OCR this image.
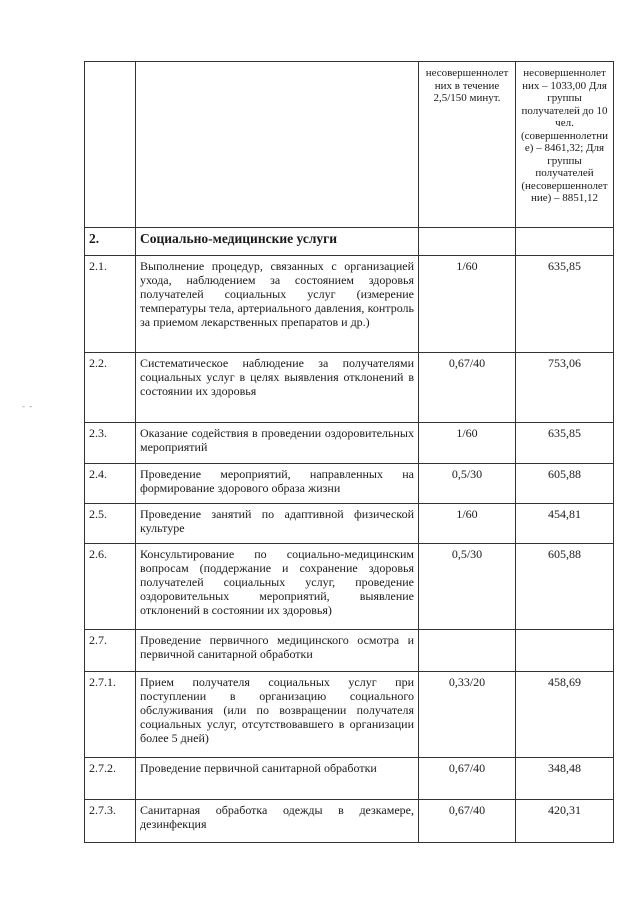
- -
		несовершеннолет них в течение 2,5/150 минут.	несовершеннолет них – 1033,00 Для группы получателей до 10 чел. (совершеннолетни е) – 8461,32; Для группы получателей (несовершеннолет ние) – 8851,12
2.	Социально-медицинские услуги		
2.1.	Выполнение процедур, связанных с организацией ухода, наблюдением за состоянием здоровья получателей социальных услуг (измерение температуры тела, артериального давления, контроль за приемом лекарственных препаратов и др.)	1/60	635,85
2.2.	Систематическое наблюдение за получателями социальных услуг в целях выявления отклонений в состоянии их здоровья	0,67/40	753,06
2.3.	Оказание содействия в проведении оздоровительных мероприятий	1/60	635,85
2.4.	Проведение мероприятий, направленных на формирование здорового образа жизни	0,5/30	605,88
2.5.	Проведение занятий по адаптивной физической культуре	1/60	454,81
2.6.	Консультирование по социально-медицинским вопросам (поддержание и сохранение здоровья получателей социальных услуг, проведение оздоровительных мероприятий, выявление отклонений в состоянии их здоровья)	0,5/30	605,88
2.7.	Проведение первичного медицинского осмотра и первичной санитарной обработки		
2.7.1.	Прием получателя социальных услуг при поступлении в организацию социального обслуживания (или по возвращении получателя социальных услуг, отсутствовавшего в организации более 5 дней)	0,33/20	458,69
2.7.2.	Проведение первичной санитарной обработки	0,67/40	348,48
2.7.3.	Санитарная обработка одежды в дезкамере, дезинфекция	0,67/40	420,31
